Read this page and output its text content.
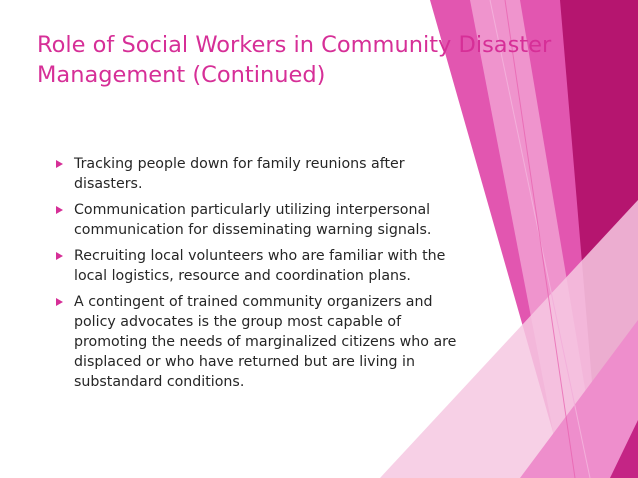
Role of Social Workers in Community Disaster
Management (Continued)
Tracking people down for family reunions after
disasters.
Communication particularly utilizing interpersonal
communication for disseminating warning signals.
Recruiting local volunteers who are familiar with the
local logistics, resource and coordination plans.
A contingent of trained community organizers and
policy advocates is the group most capable of
promoting the needs of marginalized citizens who are
displaced or who have returned but are living in
substandard conditions.
